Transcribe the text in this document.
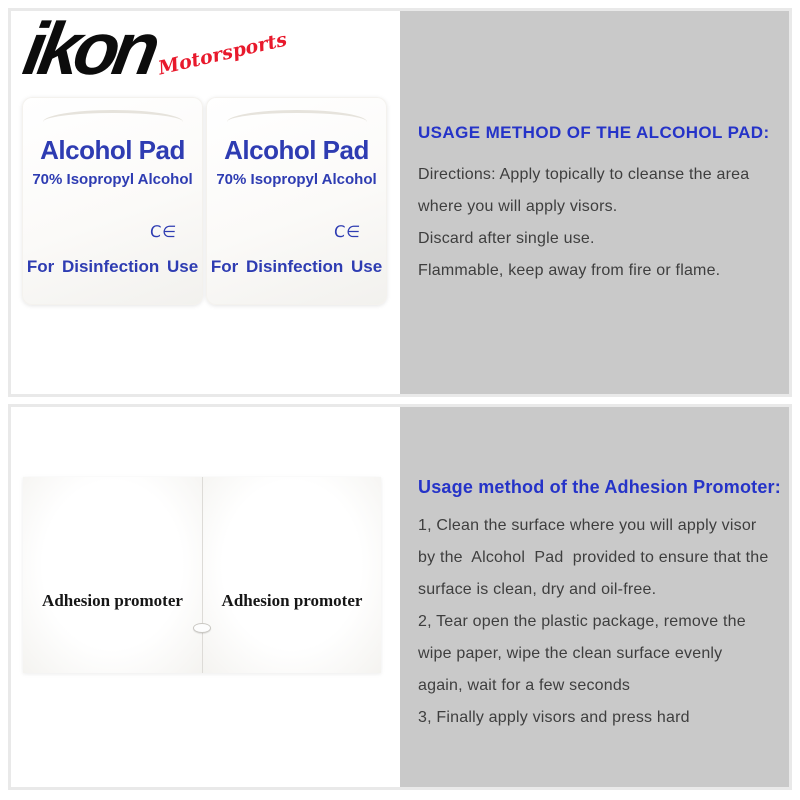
ikon
Motorsports
Alcohol Pad
70% Isopropyl Alcohol
C∈
For Disinfection Use
Alcohol Pad
70% Isopropyl Alcohol
C∈
For Disinfection Use
USAGE METHOD OF THE ALCOHOL PAD:

Directions: Apply topically to cleanse the area

where you will apply visors.

Discard after single use.

Flammable, keep away from fire or flame.

Adhesion promoter Adhesion promoter
Usage method of the Adhesion Promoter:

1, Clean the surface where you will apply visor

by the  Alcohol  Pad  provided to ensure that the

surface is clean, dry and oil-free.

2, Tear open the plastic package, remove the

wipe paper, wipe the clean surface evenly

again, wait for a few seconds

3, Finally apply visors and press hard
